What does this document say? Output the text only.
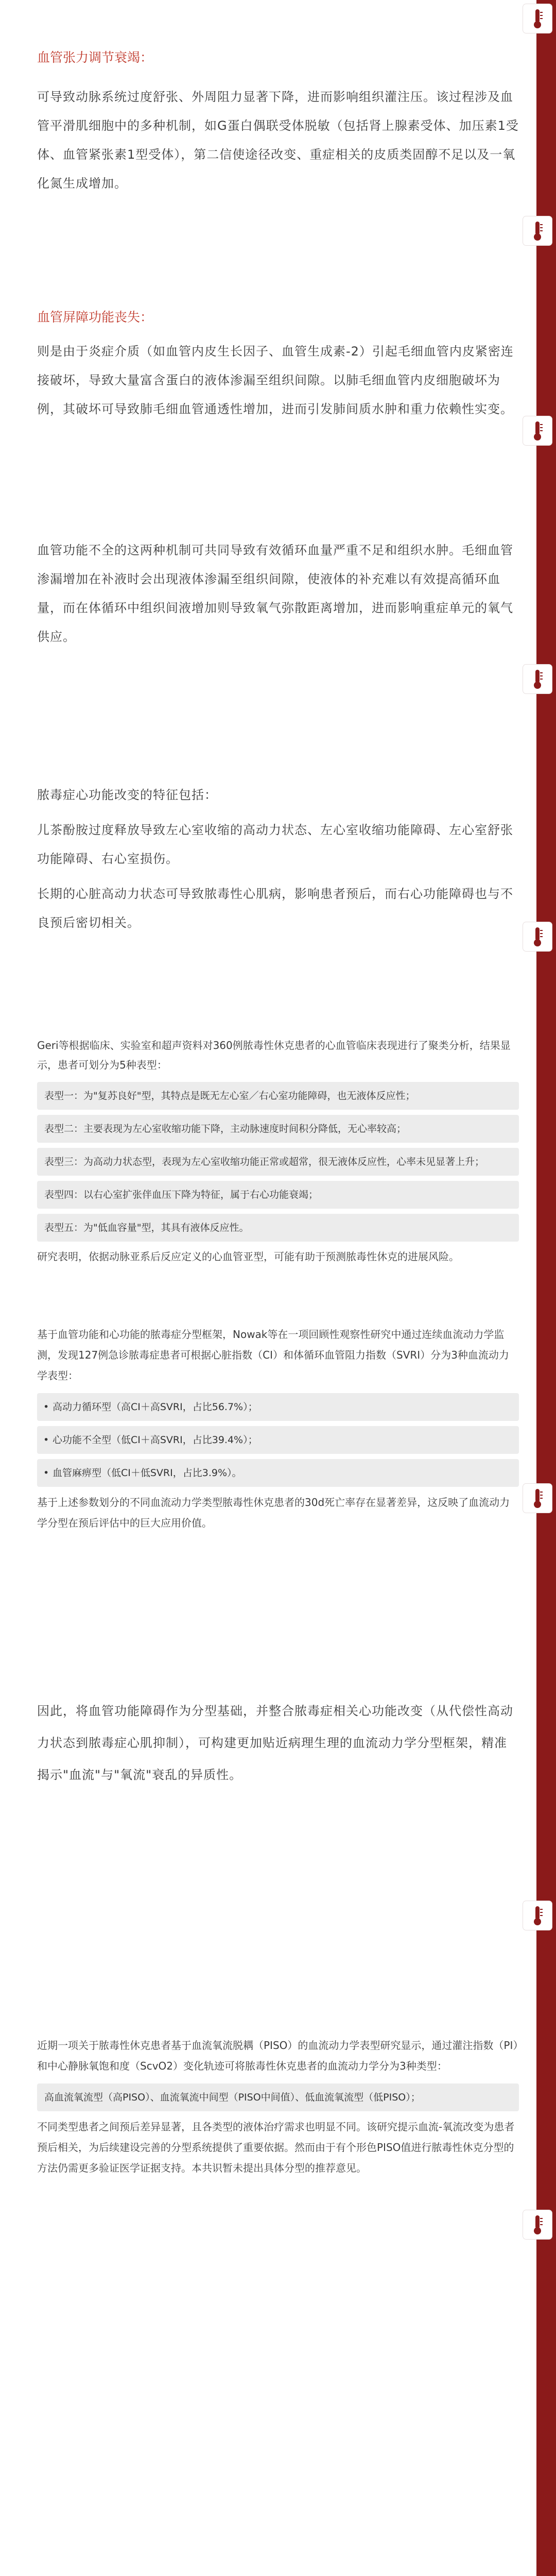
血管张力调节衰竭：

可导致动脉系统过度舒张、外周阻力显著下降，进而影响组织灌注压。该过程涉及血管平滑肌细胞中的多种机制，如G蛋白偶联受体脱敏（包括肾上腺素受体、加压素1受体、血管紧张素1型受体），第二信使途径改变、重症相关的皮质类固醇不足以及一氧化氮生成增加。

血管屏障功能丧失：

则是由于炎症介质（如血管内皮生长因子、血管生成素-2）引起毛细血管内皮紧密连接破坏，导致大量富含蛋白的液体渗漏至组织间隙。以肺毛细血管内皮细胞破坏为例，其破坏可导致肺毛细血管通透性增加，进而引发肺间质水肿和重力依赖性实变。

血管功能不全的这两种机制可共同导致有效循环血量严重不足和组织水肿。毛细血管渗漏增加在补液时会出现液体渗漏至组织间隙，使液体的补充难以有效提高循环血量，而在体循环中组织间液增加则导致氧气弥散距离增加，进而影响重症单元的氧气供应。

脓毒症心功能改变的特征包括：

儿茶酚胺过度释放导致左心室收缩的高动力状态、左心室收缩功能障碍、左心室舒张功能障碍、右心室损伤。

长期的心脏高动力状态可导致脓毒性心肌病，影响患者预后，而右心功能障碍也与不良预后密切相关。

Geri等根据临床、实验室和超声资料对360例脓毒性休克患者的心血管临床表现进行了聚类分析，结果显示，患者可划分为5种表型：

表型一：为"复苏良好"型，其特点是既无左心室／右心室功能障碍，也无液体反应性；

表型二：主要表现为左心室收缩功能下降，主动脉速度时间积分降低，无心率较高；

表型三：为高动力状态型，表现为左心室收缩功能正常或超常，很无液体反应性，心率未见显著上升；

表型四：以右心室扩张伴血压下降为特征，属于右心功能衰竭；

表型五：为"低血容量"型，其具有液体反应性。

研究表明，依据动脉亚系后反应定义的心血管亚型，可能有助于预测脓毒性休克的进展风险。

基于血管功能和心功能的脓毒症分型框架，Nowak等在一项回顾性观察性研究中通过连续血流动力学监测，发现127例急诊脓毒症患者可根据心脏指数（CI）和体循环血管阻力指数（SVRI）分为3种血流动力学表型：

• 高动力循环型（高CI＋高SVRI，占比56.7%）；

• 心功能不全型（低CI＋高SVRI，占比39.4%）；

• 血管麻痹型（低CI＋低SVRI，占比3.9%）。

基于上述参数划分的不同血流动力学类型脓毒性休克患者的30d死亡率存在显著差异，这反映了血流动力学分型在预后评估中的巨大应用价值。

因此，将血管功能障碍作为分型基础，并整合脓毒症相关心功能改变（从代偿性高动力状态到脓毒症心肌抑制），可构建更加贴近病理生理的血流动力学分型框架，精准揭示"血流"与"氧流"衰乱的异质性。

近期一项关于脓毒性休克患者基于血流氧流脱耦（PISO）的血流动力学表型研究显示，通过灌注指数（PI）和中心静脉氧饱和度（ScvO2）变化轨迹可将脓毒性休克患者的血流动力学分为3种类型：

高血流氧流型（高PISO）、血流氧流中间型（PISO中间值）、低血流氧流型（低PISO）；

不同类型患者之间预后差异显著，且各类型的液体治疗需求也明显不同。该研究提示血流-氧流改变为患者预后相关，为后续建设完善的分型系统提供了重要依据。然而由于有个形色PISO值进行脓毒性休克分型的方法仍需更多验证医学证据支持。本共识暂未提出具体分型的推荐意见。
